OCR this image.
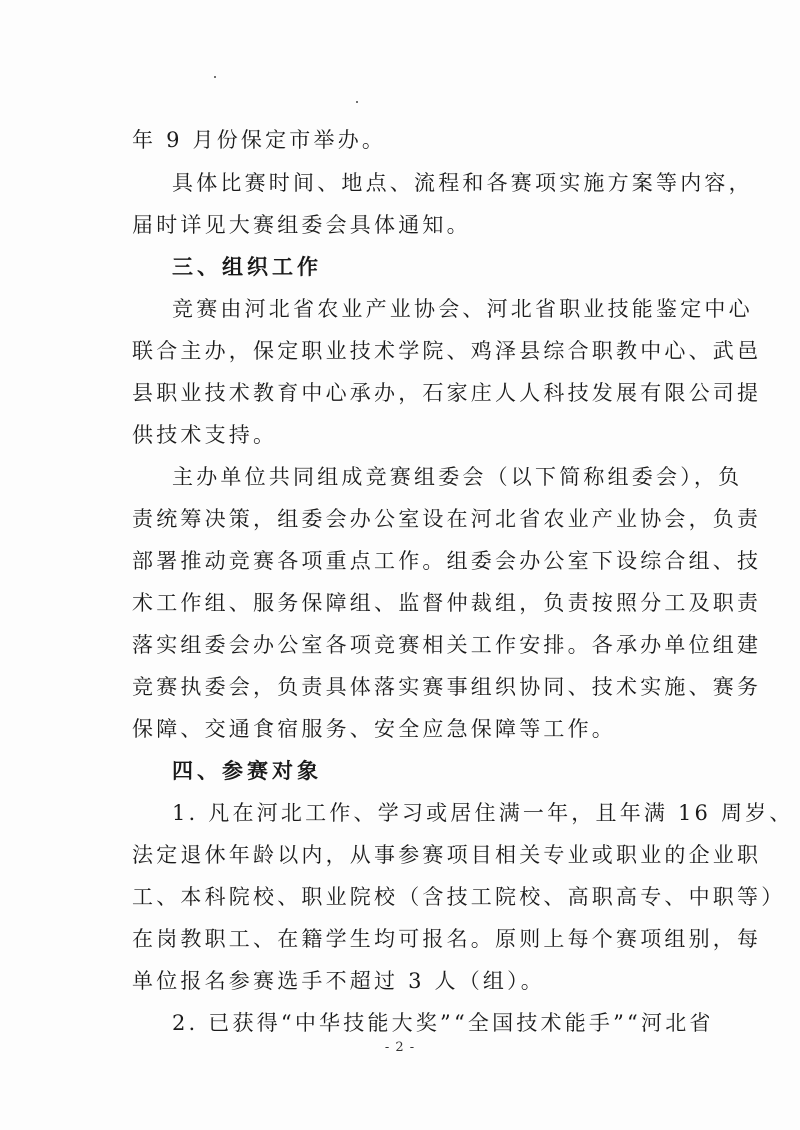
年 9 月份保定市举办。
具体比赛时间、地点、流程和各赛项实施方案等内容，
届时详见大赛组委会具体通知。
三、组织工作
竞赛由河北省农业产业协会、河北省职业技能鉴定中心
联合主办，保定职业技术学院、鸡泽县综合职教中心、武邑
县职业技术教育中心承办，石家庄人人科技发展有限公司提
供技术支持。
主办单位共同组成竞赛组委会（以下简称组委会），负
责统筹决策，组委会办公室设在河北省农业产业协会，负责
部署推动竞赛各项重点工作。组委会办公室下设综合组、技
术工作组、服务保障组、监督仲裁组，负责按照分工及职责
落实组委会办公室各项竞赛相关工作安排。各承办单位组建
竞赛执委会，负责具体落实赛事组织协同、技术实施、赛务
保障、交通食宿服务、安全应急保障等工作。
四、参赛对象
1. 凡在河北工作、学习或居住满一年，且年满 16 周岁、
法定退休年龄以内，从事参赛项目相关专业或职业的企业职
工、本科院校、职业院校（含技工院校、高职高专、中职等）
在岗教职工、在籍学生均可报名。原则上每个赛项组别，每
单位报名参赛选手不超过 3 人（组）。
2. 已获得“中华技能大奖”“全国技术能手”“河北省
- 2 -
